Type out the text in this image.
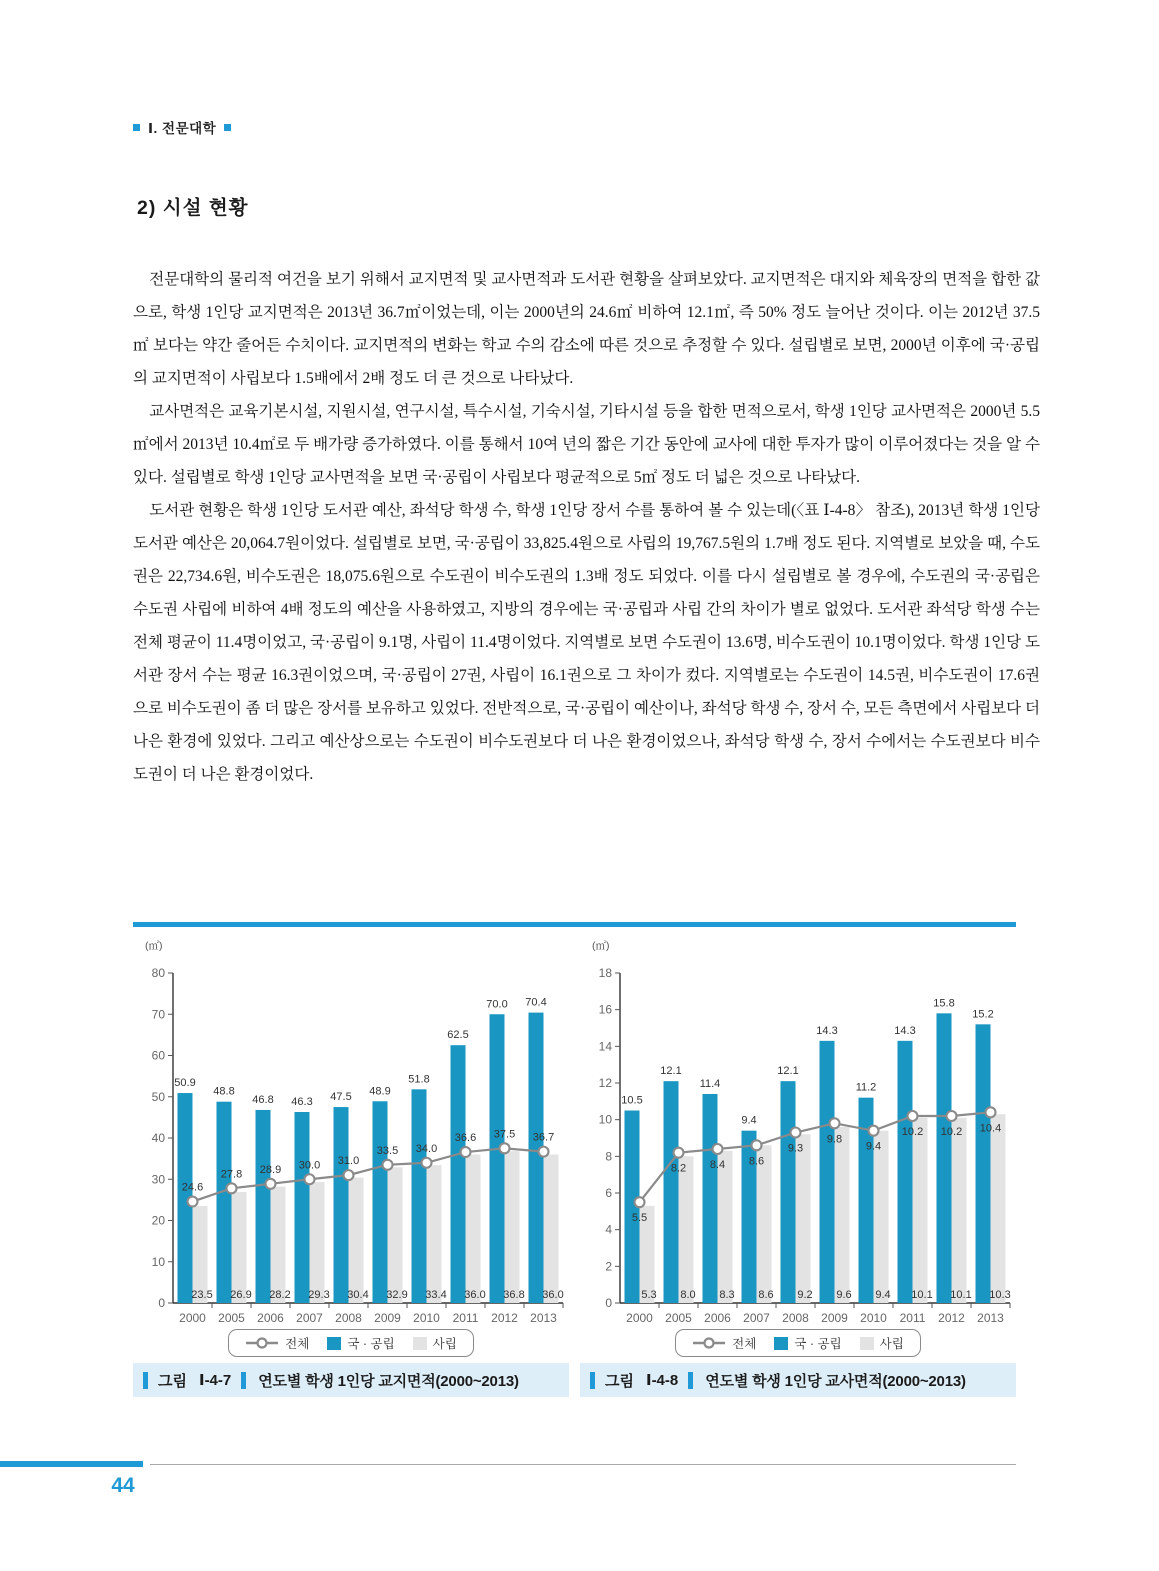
Ⅰ. 전문대학
2) 시설 현황

전문대학의 물리적 여건을 보기 위해서 교지면적 및 교사면적과 도서관 현황을 살펴보았다. 교지면적은 대지와 체육장의 면적을 합한 값으로, 학생 1인당 교지면적은 2013년 36.7㎡이었는데, 이는 2000년의 24.6㎡ 비하여 12.1㎡, 즉 50% 정도 늘어난 것이다. 이는 2012년 37.5㎡ 보다는 약간 줄어든 수치이다. 교지면적의 변화는 학교 수의 감소에 따른 것으로 추정할 수 있다. 설립별로 보면, 2000년 이후에 국·공립의 교지면적이 사립보다 1.5배에서 2배 정도 더 큰 것으로 나타났다.

교사면적은 교육기본시설, 지원시설, 연구시설, 특수시설, 기숙시설, 기타시설 등을 합한 면적으로서, 학생 1인당 교사면적은 2000년 5.5㎡에서 2013년 10.4㎡로 두 배가량 증가하였다. 이를 통해서 10여 년의 짧은 기간 동안에 교사에 대한 투자가 많이 이루어졌다는 것을 알 수 있다. 설립별로 학생 1인당 교사면적을 보면 국·공립이 사립보다 평균적으로 5㎡ 정도 더 넓은 것으로 나타났다.

도서관 현황은 학생 1인당 도서관 예산, 좌석당 학생 수, 학생 1인당 장서 수를 통하여 볼 수 있는데(〈표 Ⅰ-4-8〉 참조), 2013년 학생 1인당 도서관 예산은 20,064.7원이었다. 설립별로 보면, 국·공립이 33,825.4원으로 사립의 19,767.5원의 1.7배 정도 된다. 지역별로 보았을 때, 수도권은 22,734.6원, 비수도권은 18,075.6원으로 수도권이 비수도권의 1.3배 정도 되었다. 이를 다시 설립별로 볼 경우에, 수도권의 국·공립은 수도권 사립에 비하여 4배 정도의 예산을 사용하였고, 지방의 경우에는 국·공립과 사립 간의 차이가 별로 없었다. 도서관 좌석당 학생 수는 전체 평균이 11.4명이었고, 국·공립이 9.1명, 사립이 11.4명이었다. 지역별로 보면 수도권이 13.6명, 비수도권이 10.1명이었다. 학생 1인당 도서관 장서 수는 평균 16.3권이었으며, 국·공립이 27권, 사립이 16.1권으로 그 차이가 컸다. 지역별로는 수도권이 14.5권, 비수도권이 17.6권으로 비수도권이 좀 더 많은 장서를 보유하고 있었다. 전반적으로, 국·공립이 예산이나, 좌석당 학생 수, 장서 수, 모든 측면에서 사립보다 더 나은 환경에 있었다. 그리고 예산상으로는 수도권이 비수도권보다 더 나은 환경이었으나, 좌석당 학생 수, 장서 수에서는 수도권보다 비수도권이 더 나은 환경이었다.

(㎡)
0
10
20
30
40
50
60
70
80
2000 2005 2006 2007 2008 2009 2010 2011 2012 2013
50.9
48.8
46.8 46.3 47.5 48.9
51.8
62.5
70.0 70.4
23.5 26.9 28.2 29.3 30.4 32.9 33.4 36.0 36.8 36.0
24.6
27.8 28.9 30.0 31.0
33.5 34.0
36.6 37.5 36.7
전체	국 · 공립	사립
그림 Ⅰ-4-7 연도별 학생 1인당 교지면적(2000~2013)
(㎡)
0
2
4
6
8
10
12
14
16
18
2000 2005 2006 2007 2008 2009 2010 2011 2012 2013
10.5
12.1
11.4
9.4
12.1
14.3
11.2
14.3
15.8
15.2
5.3 8.0 8.3 8.6 9.2 9.6 9.4 10.1 10.1 10.3
5.5
8.2 8.4 8.6
9.3
9.8
9.4
10.2 10.2 10.4
전체	국 · 공립	사립
그림 Ⅰ-4-8 연도별 학생 1인당 교사면적(2000~2013)
44
